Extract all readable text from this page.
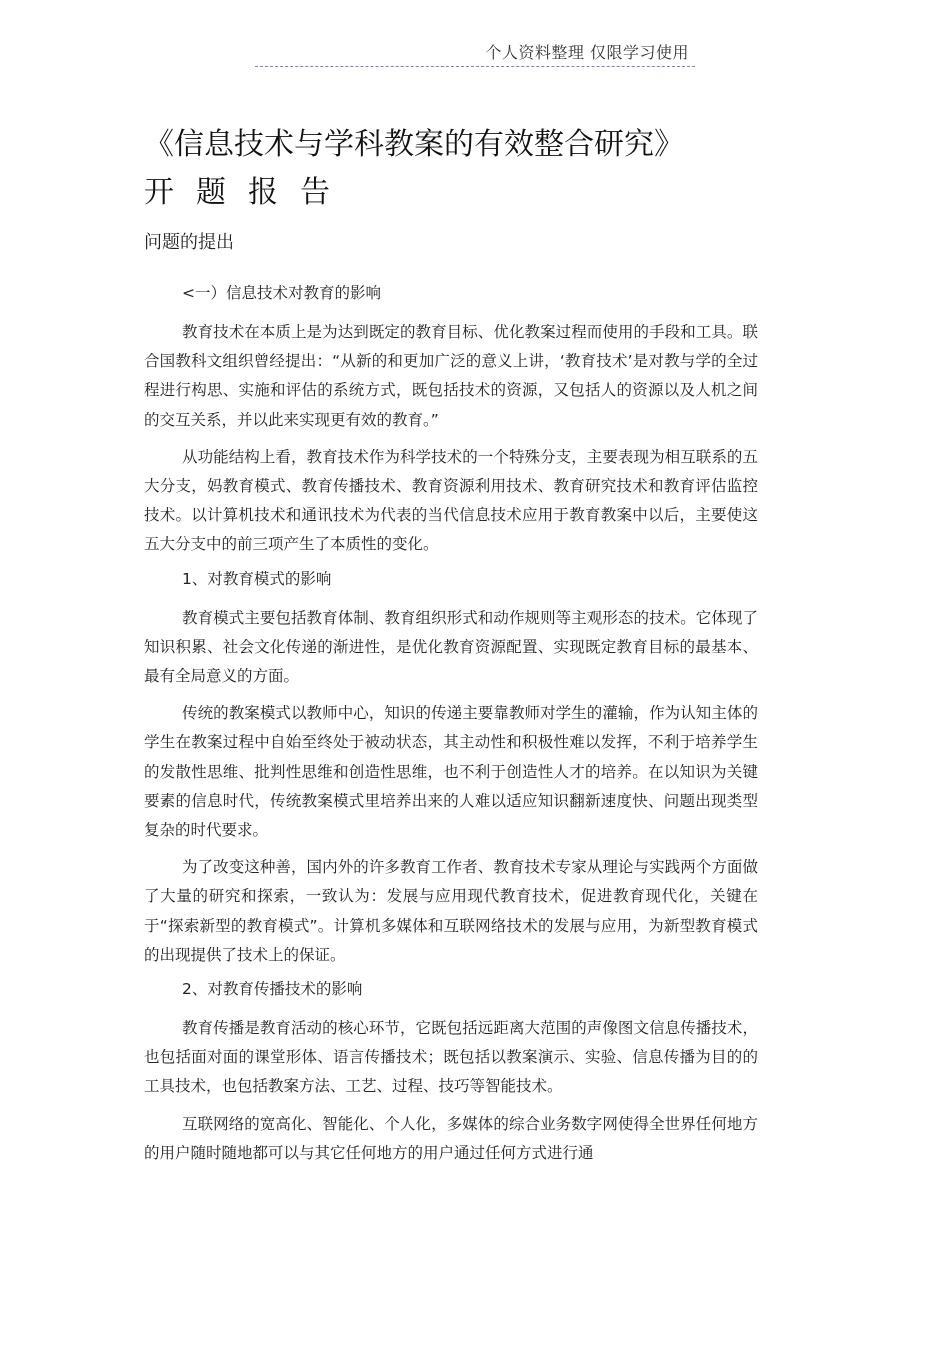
个人资料整理 仅限学习使用
《信息技术与学科教案的有效整合研究》
开题报告
问题的提出
<一）信息技术对教育的影响
教育技术在本质上是为达到既定的教育目标、优化教案过程而使用的手段和工具。联合国教科文组织曾经提出：“从新的和更加广泛的意义上讲，‘教育技术’是对教与学的全过程进行构思、实施和评估的系统方式，既包括技术的资源，又包括人的资源以及人机之间的交互关系，并以此来实现更有效的教育。”
从功能结构上看，教育技术作为科学技术的一个特殊分支，主要表现为相互联系的五大分支，妈教育模式、教育传播技术、教育资源利用技术、教育研究技术和教育评估监控技术。以计算机技术和通讯技术为代表的当代信息技术应用于教育教案中以后，主要使这五大分支中的前三项产生了本质性的变化。
1、对教育模式的影响
教育模式主要包括教育体制、教育组织形式和动作规则等主观形态的技术。它体现了知识积累、社会文化传递的渐进性，是优化教育资源配置、实现既定教育目标的最基本、最有全局意义的方面。
传统的教案模式以教师中心，知识的传递主要靠教师对学生的灌输，作为认知主体的学生在教案过程中自始至终处于被动状态，其主动性和积极性难以发挥，不利于培养学生的发散性思维、批判性思维和创造性思维，也不利于创造性人才的培养。在以知识为关键要素的信息时代，传统教案模式里培养出来的人难以适应知识翻新速度快、问题出现类型复杂的时代要求。
为了改变这种善，国内外的许多教育工作者、教育技术专家从理论与实践两个方面做了大量的研究和探索，一致认为：发展与应用现代教育技术，促进教育现代化，关键在于“探索新型的教育模式”。计算机多媒体和互联网络技术的发展与应用，为新型教育模式的出现提供了技术上的保证。
2、对教育传播技术的影响
教育传播是教育活动的核心环节，它既包括远距离大范围的声像图文信息传播技术，也包括面对面的课堂形体、语言传播技术；既包括以教案演示、实验、信息传播为目的的工具技术，也包括教案方法、工艺、过程、技巧等智能技术。
互联网络的宽高化、智能化、个人化，多媒体的综合业务数字网使得全世界任何地方的用户随时随地都可以与其它任何地方的用户通过任何方式进行通
